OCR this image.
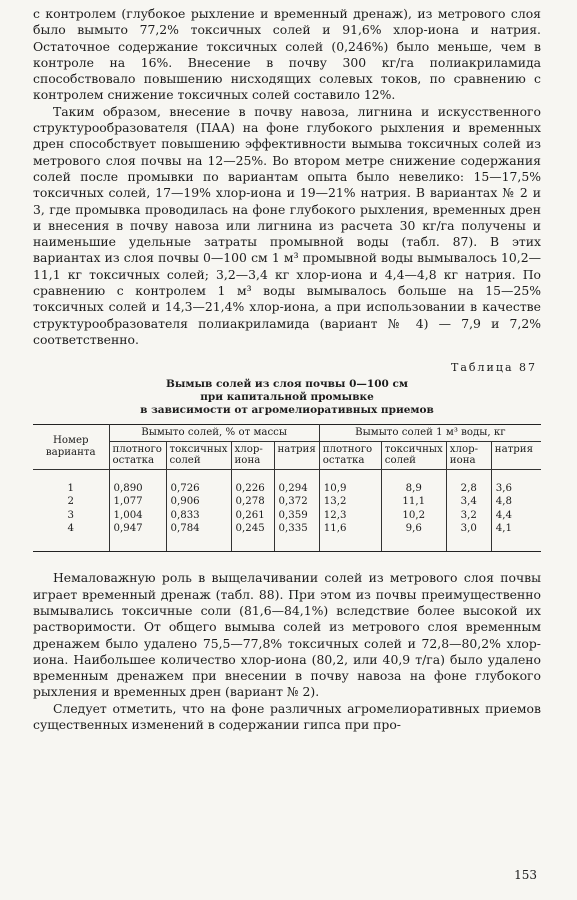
с контролем (глубокое рыхление и временный дренаж), из метрового слоя было вымыто 77,2% токсичных солей и 91,6% хлор-иона и натрия. Остаточное содержание токсичных солей (0,246%) было меньше, чем в контроле на 16%. Внесение в почву 300 кг/га полиакриламида способствовало повышению нисходящих солевых токов, по сравнению с контролем снижение токсичных солей составило 12%.

Таким образом, внесение в почву навоза, лигнина и искусственного структурообразователя (ПАА) на фоне глубокого рыхления и временных дрен способствует повышению эффективности вымыва токсичных солей из метрового слоя почвы на 12—25%. Во втором метре снижение содержания солей после промывки по вариантам опыта было невелико: 15—17,5% токсичных солей, 17—19% хлор-иона и 19—21% натрия. В вариантах № 2 и 3, где промывка проводилась на фоне глубокого рыхления, временных дрен и внесения в почву навоза или лигнина из расчета 30 кг/га получены и наименьшие удельные затраты промывной воды (табл. 87). В этих вариантах из слоя почвы 0—100 см 1 м³ промывной воды вымывалось 10,2—11,1 кг токсичных солей; 3,2—3,4 кг хлор-иона и 4,4—4,8 кг натрия. По сравнению с контролем 1 м³ воды вымывалось больше на 15—25% токсичных солей и 14,3—21,4% хлор-иона, а при использовании в качестве структурообразователя полиакриламида (вариант № 4) — 7,9 и 7,2% соответственно.

Таблица 87
Вымыв солей из слоя почвы 0—100 см
при капитальной промывке
в зависимости от агромелиоративных приемов
Номер варианта	Вымыто солей, % от массы				Вымыто солей 1 м³ воды, кг			
	плотного остатка	токсичных солей	хлор-иона	натрия	плотного остатка	токсичных солей	хлор-иона	натрия
1	0,890	0,726	0,226	0,294	10,9	8,9	2,8	3,6
2	1,077	0,906	0,278	0,372	13,2	11,1	3,4	4,8
3	1,004	0,833	0,261	0,359	12,3	10,2	3,2	4,4
4	0,947	0,784	0,245	0,335	11,6	9,6	3,0	4,1

Немаловажную роль в выщелачивании солей из метрового слоя почвы играет временный дренаж (табл. 88). При этом из почвы преимущественно вымывались токсичные соли (81,6—84,1%) вследствие более высокой их растворимости. От общего вымыва солей из метрового слоя временным дренажем было удалено 75,5—77,8% токсичных солей и 72,8—80,2% хлор-иона. Наибольшее количество хлор-иона (80,2, или 40,9 т/га) было удалено временным дренажем при внесении в почву навоза на фоне глубокого рыхления и временных дрен (вариант № 2).

Следует отметить, что на фоне различных агромелиоративных приемов существенных изменений в содержании гипса при про-

153
